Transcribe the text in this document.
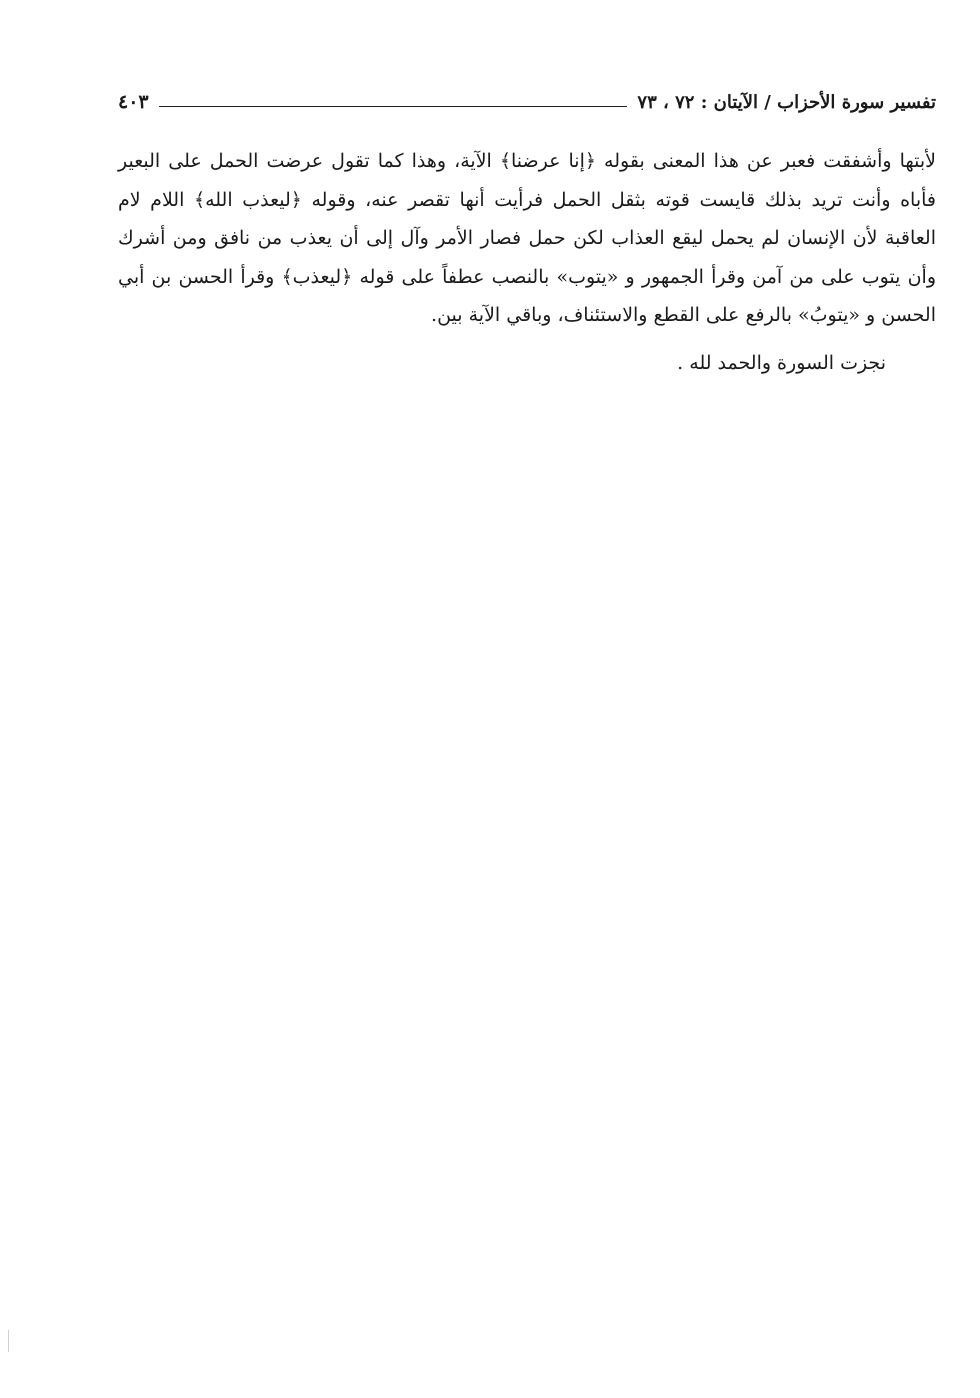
تفسير سورة الأحزاب / الآيتان : ٧٢ ، ٧٣
٤٠٣
لأبتها وأشفقت فعبر عن هذا المعنى بقوله ﴿إنا عرضنا﴾ الآية، وهذا كما تقول عرضت الحمل على البعير
فأباه وأنت تريد بذلك قايست قوته بثقل الحمل فرأيت أنها تقصر عنه، وقوله ﴿ليعذب الله﴾ اللام لام
العاقبة لأن الإنسان لم يحمل ليقع العذاب لكن حمل فصار الأمر وآل إلى أن يعذب من نافق ومن أشرك
وأن يتوب على من آمن وقرأ الجمهور و «يتوب» بالنصب عطفاً على قوله ﴿ليعذب﴾ وقرأ الحسن بن أبي
الحسن و «يتوبُ» بالرفع على القطع والاستئناف، وباقي الآية بين.
نجزت السورة والحمد لله .
